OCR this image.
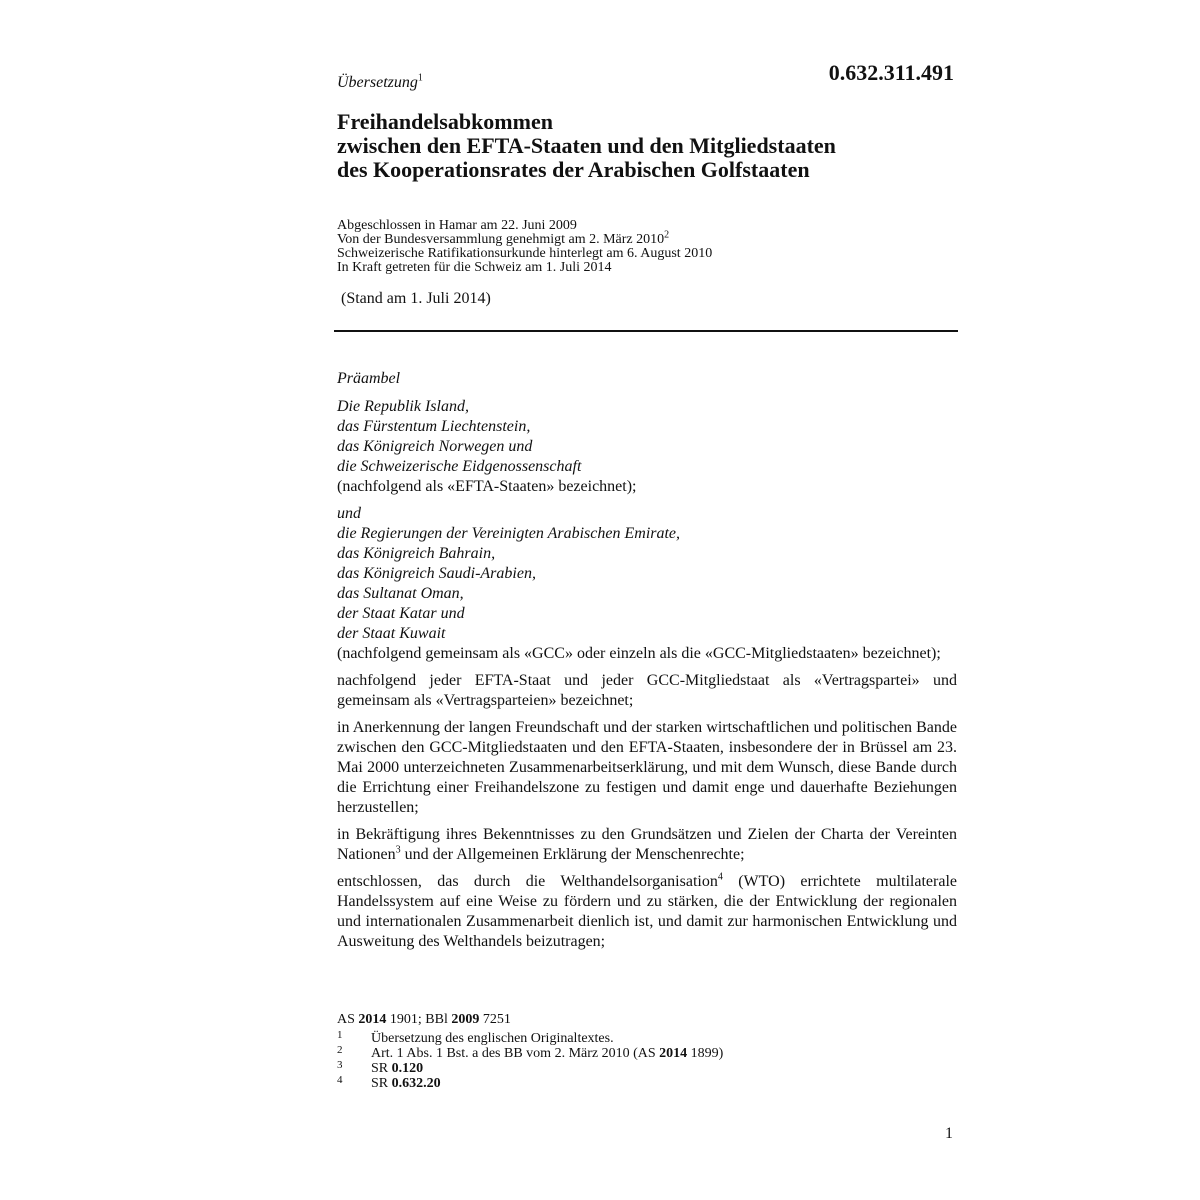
Übersetzung$^1$	0.632.311.491
Freihandelsabkommen
zwischen den EFTA-Staaten und den Mitgliedstaaten
des Kooperationsrates der Arabischen Golfstaaten
Abgeschlossen in Hamar am 22. Juni 2009
Von der Bundesversammlung genehmigt am 2. März 2010$^2$
Schweizerische Ratifikationsurkunde hinterlegt am 6. August 2010
In Kraft getreten für die Schweiz am 1. Juli 2014
(Stand am 1. Juli 2014)

Präambel

Die Republik Island,
das Fürstentum Liechtenstein,
das Königreich Norwegen und
die Schweizerische Eidgenossenschaft
(nachfolgend als «EFTA-Staaten» bezeichnet);

und
die Regierungen der Vereinigten Arabischen Emirate,
das Königreich Bahrain,
das Königreich Saudi-Arabien,
das Sultanat Oman,
der Staat Katar und
der Staat Kuwait
(nachfolgend gemeinsam als «GCC» oder einzeln als die «GCC-Mitgliedstaaten» bezeichnet);

nachfolgend jeder EFTA-Staat und jeder GCC-Mitgliedstaat als «Vertragspartei» und gemeinsam als «Vertragsparteien» bezeichnet;

in Anerkennung der langen Freundschaft und der starken wirtschaftlichen und politischen Bande zwischen den GCC-Mitgliedstaaten und den EFTA-Staaten, insbesondere der in Brüssel am 23. Mai 2000 unterzeichneten Zusammenarbeitserklärung, und mit dem Wunsch, diese Bande durch die Errichtung einer Freihandelszone zu festigen und damit enge und dauerhafte Beziehungen herzustellen;

in Bekräftigung ihres Bekenntnisses zu den Grundsätzen und Zielen der Charta der Vereinten Nationen$^3$ und der Allgemeinen Erklärung der Menschenrechte;

entschlossen, das durch die Welthandelsorganisation$^4$ (WTO) errichtete multilaterale Handelssystem auf eine Weise zu fördern und zu stärken, die der Entwicklung der regionalen und internationalen Zusammenarbeit dienlich ist, und damit zur harmonischen Entwicklung und Ausweitung des Welthandels beizutragen;

AS 2014 1901; BBl 2009 7251
1 Übersetzung des englischen Originaltextes.
2 Art. 1 Abs. 1 Bst. a des BB vom 2. März 2010 (AS 2014 1899)
3 SR 0.120
4 SR 0.632.20
1
